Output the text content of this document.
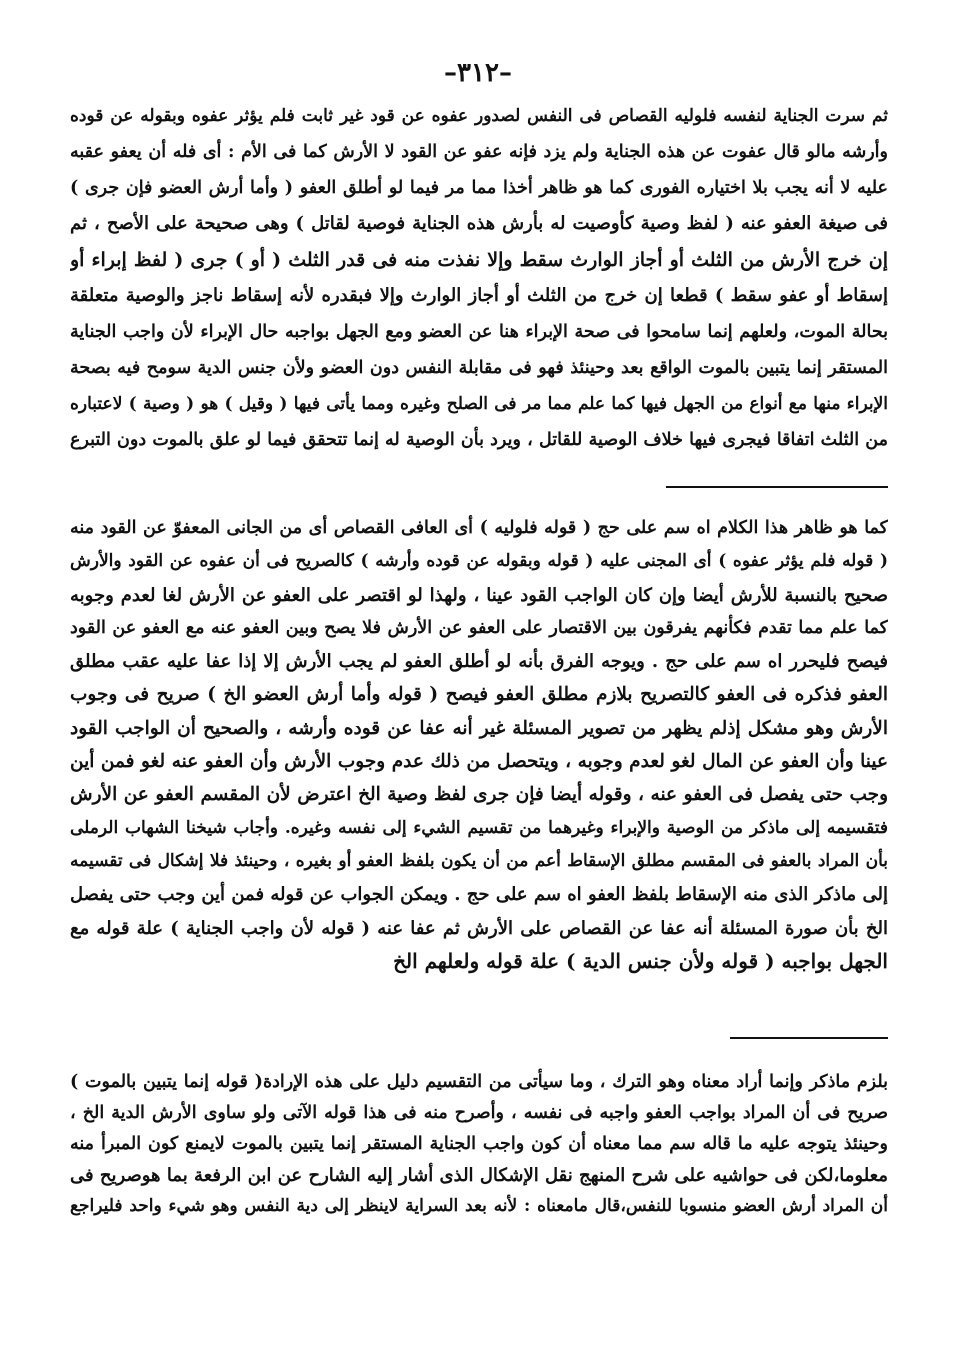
–٣١٢–
ثم سرت الجناية لنفسه فلوليه القصاص فى النفس لصدور عفوه عن قود غير ثابت فلم يؤثر عفوه وبقوله عن قوده
وأرشه مالو قال عفوت عن هذه الجناية ولم يزد فإنه عفو عن القود لا الأرش كما فى الأم : أى فله أن يعفو عقبه
عليه لا أنه يجب بلا اختياره الفورى كما هو ظاهر أخذا مما مر فيما لو أطلق العفو ( وأما أرش العضو فإن جرى )
فى صيغة العفو عنه ( لفظ وصية كأوصيت له بأرش هذه الجناية فوصية لقاتل ) وهى صحيحة على الأصح ، ثم
إن خرج الأرش من الثلث أو أجاز الوارث سقط وإلا نفذت منه فى قدر الثلث ( أو ) جرى ( لفظ إبراء أو
إسقاط أو عفو سقط ) قطعا إن خرج من الثلث أو أجاز الوارث وإلا فبقدره لأنه إسقاط ناجز والوصية متعلقة
بحالة الموت، ولعلهم إنما سامحوا فى صحة الإبراء هنا عن العضو ومع الجهل بواجبه حال الإبراء لأن واجب الجناية
المستقر إنما يتبين بالموت الواقع بعد وحينئذ فهو فى مقابلة النفس دون العضو ولأن جنس الدية سومح فيه بصحة
الإبراء منها مع أنواع من الجهل فيها كما علم مما مر فى الصلح وغيره ومما يأتى فيها ( وقيل ) هو ( وصية ) لاعتباره
من الثلث اتفاقا فيجرى فيها خلاف الوصية للقاتل ، ويرد بأن الوصية له إنما تتحقق فيما لو علق بالموت دون التبرع
كما هو ظاهر هذا الكلام اه سم على حج ( قوله فلوليه ) أى العافى القصاص أى من الجانى المعفوّ عن القود منه
( قوله فلم يؤثر عفوه ) أى المجنى عليه ( قوله وبقوله عن قوده وأرشه ) كالصريح فى أن عفوه عن القود والأرش
صحيح بالنسبة للأرش أيضا وإن كان الواجب القود عينا ، ولهذا لو اقتصر على العفو عن الأرش لغا لعدم وجوبه
كما علم مما تقدم فكأنهم يفرقون بين الاقتصار على العفو عن الأرش فلا يصح وبين العفو عنه مع العفو عن القود
فيصح فليحرر اه سم على حج . ويوجه الفرق بأنه لو أطلق العفو لم يجب الأرش إلا إذا عفا عليه عقب مطلق
العفو فذكره فى العفو كالتصريح بلازم مطلق العفو فيصح ( قوله وأما أرش العضو الخ ) صريح فى وجوب
الأرش وهو مشكل إذلم يظهر من تصوير المسئلة غير أنه عفا عن قوده وأرشه ، والصحيح أن الواجب القود
عينا وأن العفو عن المال لغو لعدم وجوبه ، ويتحصل من ذلك عدم وجوب الأرش وأن العفو عنه لغو فمن أين
وجب حتى يفصل فى العفو عنه ، وقوله أيضا فإن جرى لفظ وصية الخ اعترض لأن المقسم العفو عن الأرش
فتقسيمه إلى ماذكر من الوصية والإبراء وغيرهما من تقسيم الشيء إلى نفسه وغيره. وأجاب شيخنا الشهاب الرملى
بأن المراد بالعفو فى المقسم مطلق الإسقاط أعم من أن يكون بلفظ العفو أو بغيره ، وحينئذ فلا إشكال فى تقسيمه
إلى ماذكر الذى منه الإسقاط بلفظ العفو اه سم على حج . ويمكن الجواب عن قوله فمن أين وجب حتى يفصل
الخ بأن صورة المسئلة أنه عفا عن القصاص على الأرش ثم عفا عنه ( قوله لأن واجب الجناية ) علة قوله مع
الجهل بواجبه ( قوله ولأن جنس الدية ) علة قوله ولعلهم الخ
بلزم ماذكر وإنما أراد معناه وهو الترك ، وما سيأتى من التقسيم دليل على هذه الإرادة( قوله إنما يتبين بالموت )
صريح فى أن المراد بواجب العفو واجبه فى نفسه ، وأصرح منه فى هذا قوله الآتى ولو ساوى الأرش الدية الخ ،
وحينئذ يتوجه عليه ما قاله سم مما معناه أن كون واجب الجناية المستقر إنما يتبين بالموت لايمنع كون المبرأ منه
معلوما،لكن فى حواشيه على شرح المنهج نقل الإشكال الذى أشار إليه الشارح عن ابن الرفعة بما هوصريح فى
أن المراد أرش العضو منسوبا للنفس،قال مامعناه : لأنه بعد السراية لاينظر إلى دية النفس وهو شيء واحد فليراجع
